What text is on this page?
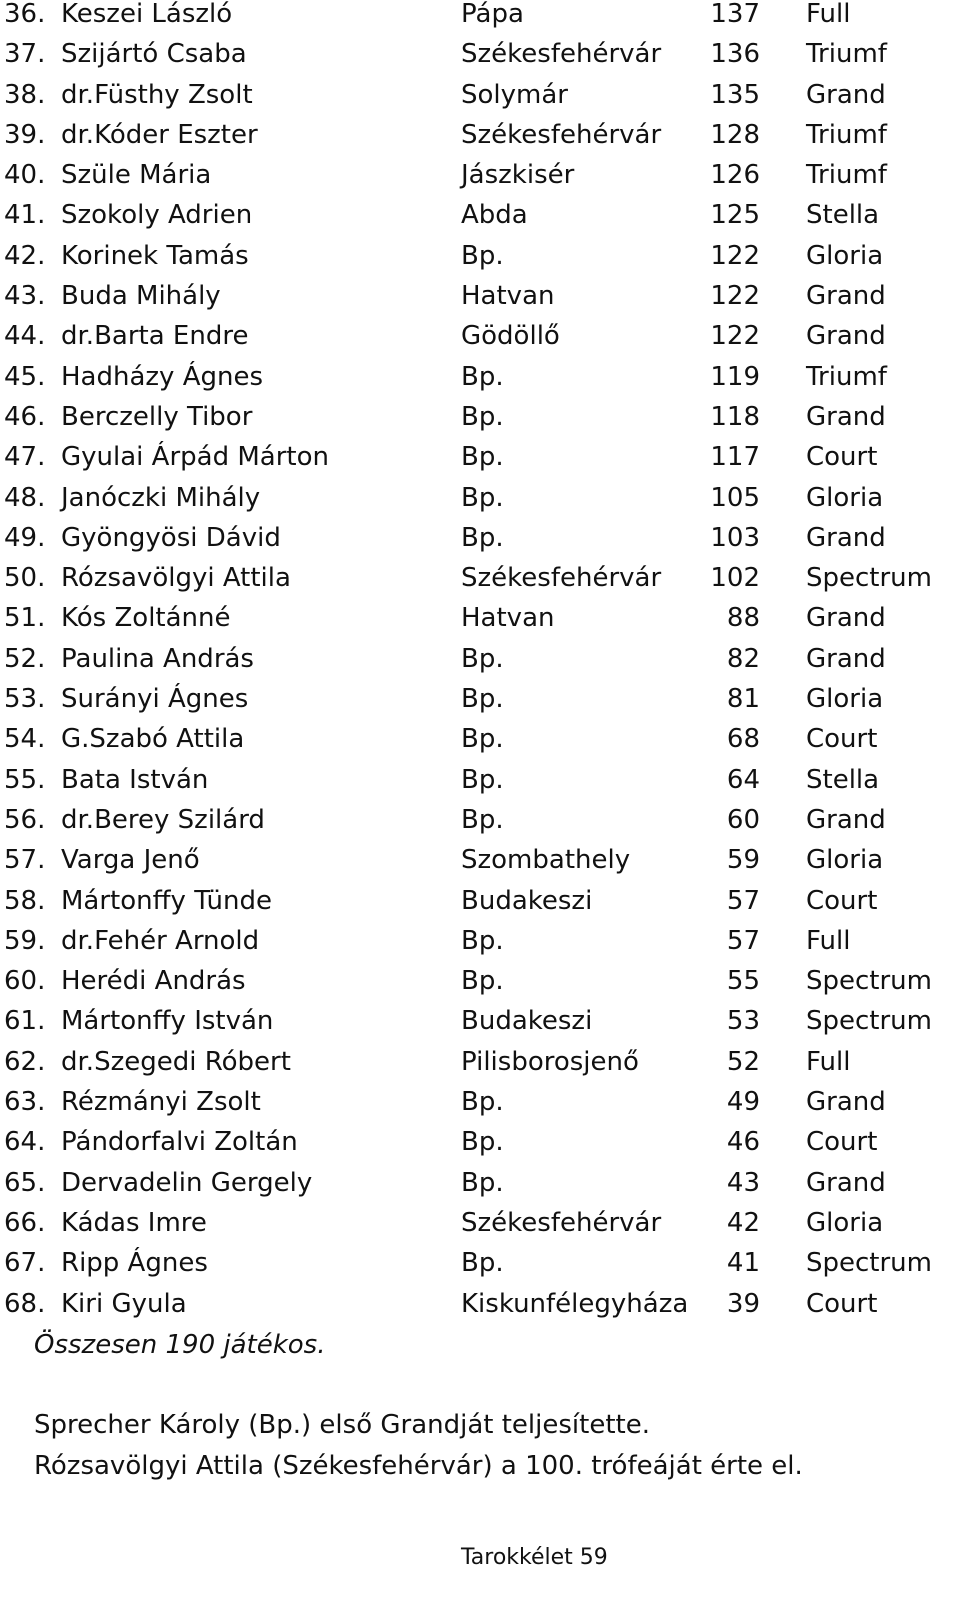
36. Keszei László	Pápa	137 Full
37. Szijártó Csaba	Székesfehérvár 136 Triumf
38. dr.Füsthy Zsolt	Solymár	135 Grand
39. dr.Kóder Eszter	Székesfehérvár 128 Triumf
40. Szüle Mária	Jászkisér	126 Triumf
41. Szokoly Adrien	Abda	125 Stella
42. Korinek Tamás	Bp.	122 Gloria
43. Buda Mihály	Hatvan	122 Grand
44. dr.Barta Endre	Gödöllő	122 Grand
45. Hadházy Ágnes	Bp.	119 Triumf
46. Berczelly Tibor	Bp.	118 Grand
47. Gyulai Árpád Márton	Bp.	117 Court
48. Janóczki Mihály	Bp.	105 Gloria
49. Gyöngyösi Dávid	Bp.	103 Grand
50. Rózsavölgyi Attila	Székesfehérvár 102 Spectrum
51. Kós Zoltánné	Hatvan	88 Grand
52. Paulina András	Bp.	82 Grand
53. Surányi Ágnes	Bp.	81 Gloria
54. G.Szabó Attila	Bp.	68 Court
55. Bata István	Bp.	64 Stella
56. dr.Berey Szilárd	Bp.	60 Grand
57. Varga Jenő	Szombathely	59 Gloria
58. Mártonffy Tünde	Budakeszi	57 Court
59. dr.Fehér Arnold	Bp.	57 Full
60. Herédi András	Bp.	55 Spectrum
61. Mártonffy István	Budakeszi	53 Spectrum
62. dr.Szegedi Róbert	Pilisborosjenő	52 Full
63. Rézmányi Zsolt	Bp.	49 Grand
64. Pándorfalvi Zoltán	Bp.	46 Court
65. Dervadelin Gergely	Bp.	43 Grand
66. Kádas Imre	Székesfehérvár	42 Gloria
67. Ripp Ágnes	Bp.	41 Spectrum
68. Kiri Gyula	Kiskunfélegyháza 39 Court
Összesen 190 játékos.
Sprecher Károly (Bp.) első Grandját teljesítette.
Rózsavölgyi Attila (Székesfehérvár) a 100. trófeáját érte el.
Tarokkélet 59
